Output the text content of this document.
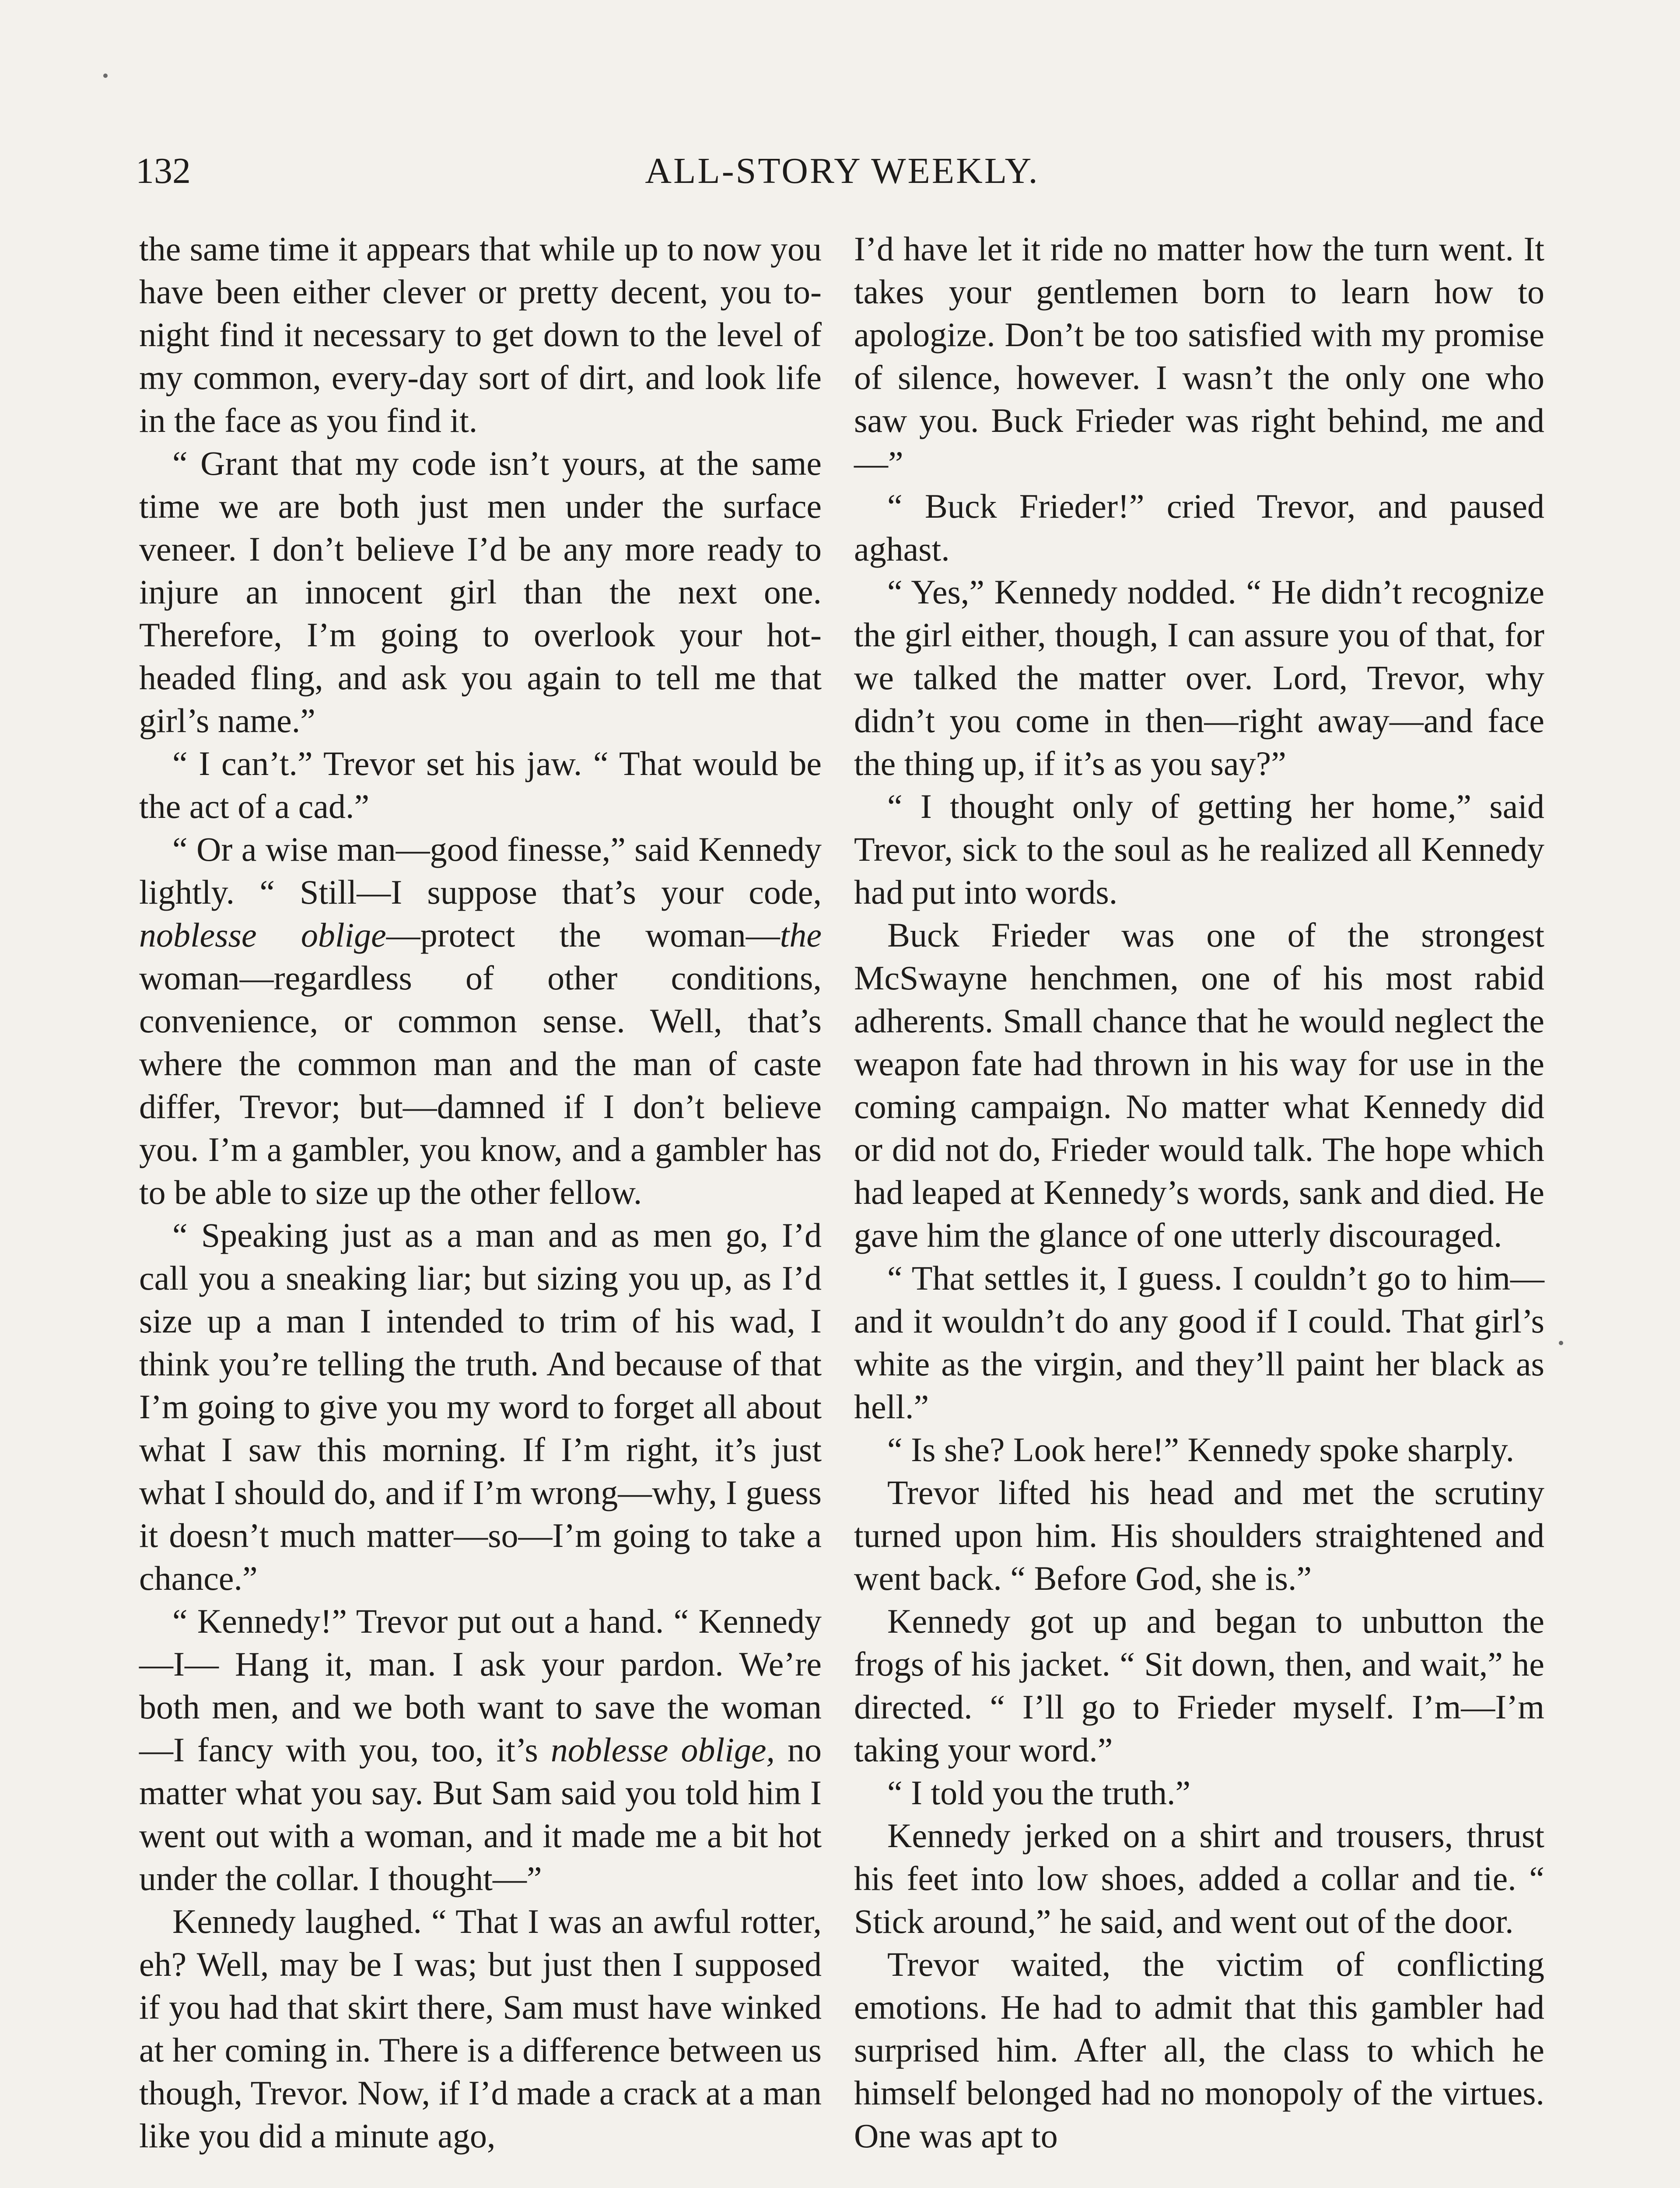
132	ALL-STORY WEEKLY.

the same time it appears that while up to now you have been either clever or pretty decent, you to-night find it necessary to get down to the level of my common, every-day sort of dirt, and look life in the face as you find it.

“ Grant that my code isn’t yours, at the same time we are both just men under the surface veneer. I don’t believe I’d be any more ready to injure an innocent girl than the next one. Therefore, I’m going to overlook your hot-headed fling, and ask you again to tell me that girl’s name.”

“ I can’t.” Trevor set his jaw. “ That would be the act of a cad.”

“ Or a wise man—good finesse,” said Kennedy lightly. “ Still—I suppose that’s your code, noblesse oblige—protect the woman—the woman—regardless of other conditions, convenience, or common sense. Well, that’s where the common man and the man of caste differ, Trevor; but—damned if I don’t believe you. I’m a gambler, you know, and a gambler has to be able to size up the other fellow.

“ Speaking just as a man and as men go, I’d call you a sneaking liar; but sizing you up, as I’d size up a man I intended to trim of his wad, I think you’re telling the truth. And because of that I’m going to give you my word to forget all about what I saw this morning. If I’m right, it’s just what I should do, and if I’m wrong—why, I guess it doesn’t much matter—so—I’m going to take a chance.”

“ Kennedy!” Trevor put out a hand. “ Kennedy—I— Hang it, man. I ask your pardon. We’re both men, and we both want to save the woman—I fancy with you, too, it’s noblesse oblige, no matter what you say. But Sam said you told him I went out with a woman, and it made me a bit hot under the collar. I thought—”

Kennedy laughed. “ That I was an awful rotter, eh? Well, may be I was; but just then I supposed if you had that skirt there, Sam must have winked at her coming in. There is a difference between us though, Trevor. Now, if I’d made a crack at a man like you did a minute ago,

I’d have let it ride no matter how the turn went. It takes your gentlemen born to learn how to apologize. Don’t be too satisfied with my promise of silence, however. I wasn’t the only one who saw you. Buck Frieder was right behind, me and—”

“ Buck Frieder!” cried Trevor, and paused aghast.

“ Yes,” Kennedy nodded. “ He didn’t recognize the girl either, though, I can assure you of that, for we talked the matter over. Lord, Trevor, why didn’t you come in then—right away—and face the thing up, if it’s as you say?”

“ I thought only of getting her home,” said Trevor, sick to the soul as he realized all Kennedy had put into words.

Buck Frieder was one of the strongest McSwayne henchmen, one of his most rabid adherents. Small chance that he would neglect the weapon fate had thrown in his way for use in the coming campaign. No matter what Kennedy did or did not do, Frieder would talk. The hope which had leaped at Kennedy’s words, sank and died. He gave him the glance of one utterly discouraged.

“ That settles it, I guess. I couldn’t go to him—and it wouldn’t do any good if I could. That girl’s white as the virgin, and they’ll paint her black as hell.”

“ Is she? Look here!” Kennedy spoke sharply.

Trevor lifted his head and met the scrutiny turned upon him. His shoulders straightened and went back. “ Before God, she is.”

Kennedy got up and began to unbutton the frogs of his jacket. “ Sit down, then, and wait,” he directed. “ I’ll go to Frieder myself. I’m—I’m taking your word.”

“ I told you the truth.”

Kennedy jerked on a shirt and trousers, thrust his feet into low shoes, added a collar and tie. “ Stick around,” he said, and went out of the door.

Trevor waited, the victim of conflicting emotions. He had to admit that this gambler had surprised him. After all, the class to which he himself belonged had no monopoly of the virtues. One was apt to
